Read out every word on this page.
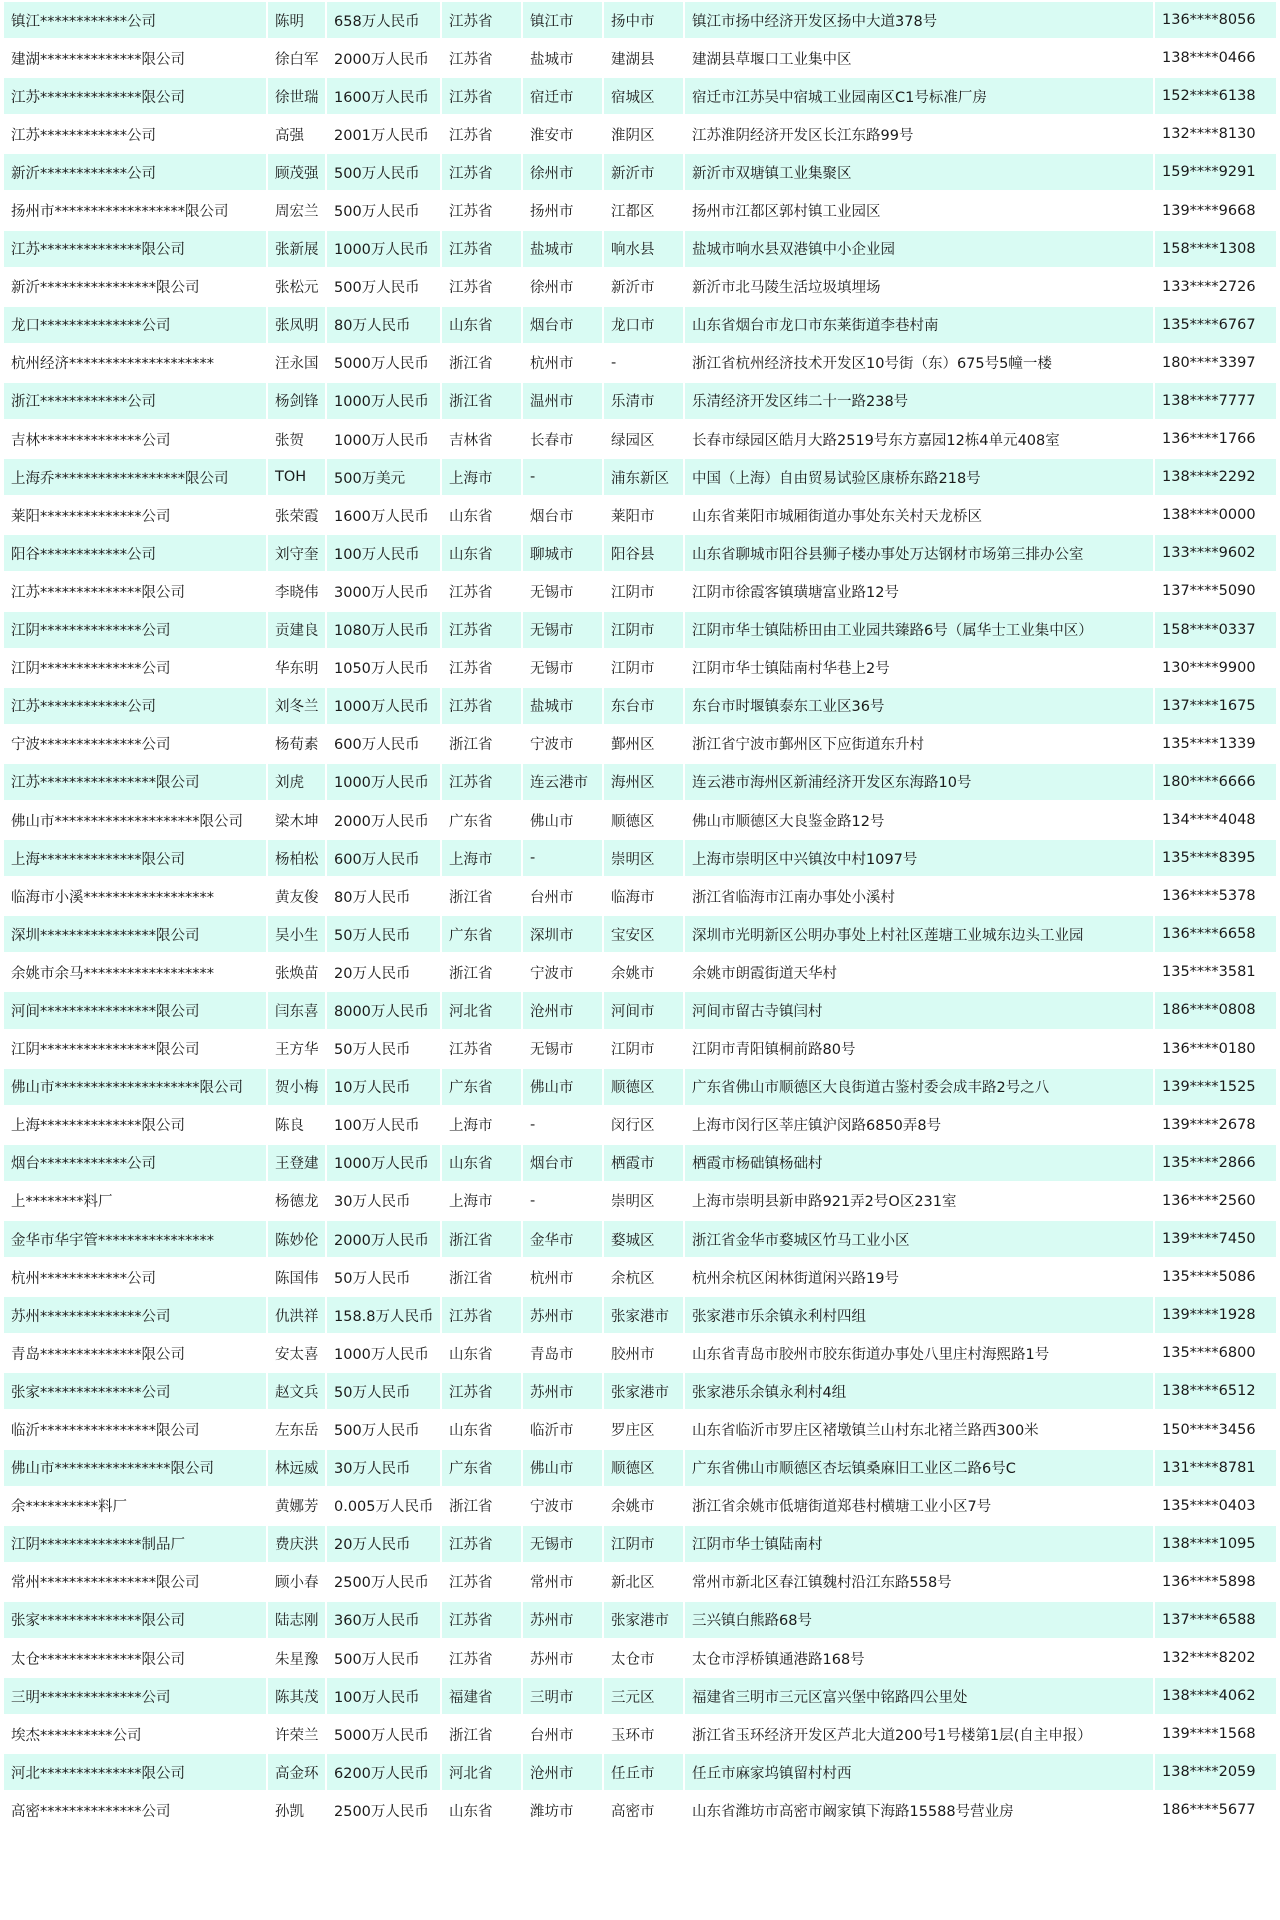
镇江************公司	陈明	658万人民币	江苏省	镇江市	扬中市	镇江市扬中经济开发区扬中大道378号	136****8056
建湖**************限公司	徐白军	2000万人民币	江苏省	盐城市	建湖县	建湖县草堰口工业集中区	138****0466
江苏**************限公司	徐世瑞	1600万人民币	江苏省	宿迁市	宿城区	宿迁市江苏吴中宿城工业园南区C1号标准厂房	152****6138
江苏************公司	高强	2001万人民币	江苏省	淮安市	淮阴区	江苏淮阴经济开发区长江东路99号	132****8130
新沂************公司	顾茂强	500万人民币	江苏省	徐州市	新沂市	新沂市双塘镇工业集聚区	159****9291
扬州市******************限公司	周宏兰	500万人民币	江苏省	扬州市	江都区	扬州市江都区郭村镇工业园区	139****9668
江苏**************限公司	张新展	1000万人民币	江苏省	盐城市	响水县	盐城市响水县双港镇中小企业园	158****1308
新沂****************限公司	张松元	500万人民币	江苏省	徐州市	新沂市	新沂市北马陵生活垃圾填埋场	133****2726
龙口**************公司	张凤明	80万人民币	山东省	烟台市	龙口市	山东省烟台市龙口市东莱街道李巷村南	135****6767
杭州经济********************	汪永国	5000万人民币	浙江省	杭州市	-	浙江省杭州经济技术开发区10号街（东）675号5幢一楼	180****3397
浙江************公司	杨剑锋	1000万人民币	浙江省	温州市	乐清市	乐清经济开发区纬二十一路238号	138****7777
吉林**************公司	张贺	1000万人民币	吉林省	长春市	绿园区	长春市绿园区皓月大路2519号东方嘉园12栋4单元408室	136****1766
上海乔******************限公司	TOH	500万美元	上海市	-	浦东新区	中国（上海）自由贸易试验区康桥东路218号	138****2292
莱阳**************公司	张荣霞	1600万人民币	山东省	烟台市	莱阳市	山东省莱阳市城厢街道办事处东关村天龙桥区	138****0000
阳谷************公司	刘守奎	100万人民币	山东省	聊城市	阳谷县	山东省聊城市阳谷县狮子楼办事处万达钢材市场第三排办公室	133****9602
江苏**************限公司	李晓伟	3000万人民币	江苏省	无锡市	江阴市	江阴市徐霞客镇璜塘富业路12号	137****5090
江阴**************公司	贡建良	1080万人民币	江苏省	无锡市	江阴市	江阴市华士镇陆桥田由工业园共臻路6号（属华士工业集中区）	158****0337
江阴**************公司	华东明	1050万人民币	江苏省	无锡市	江阴市	江阴市华士镇陆南村华巷上2号	130****9900
江苏************公司	刘冬兰	1000万人民币	江苏省	盐城市	东台市	东台市时堰镇泰东工业区36号	137****1675
宁波**************公司	杨荀素	600万人民币	浙江省	宁波市	鄞州区	浙江省宁波市鄞州区下应街道东升村	135****1339
江苏****************限公司	刘虎	1000万人民币	江苏省	连云港市	海州区	连云港市海州区新浦经济开发区东海路10号	180****6666
佛山市********************限公司	梁木坤	2000万人民币	广东省	佛山市	顺德区	佛山市顺德区大良鉴金路12号	134****4048
上海**************限公司	杨柏松	600万人民币	上海市	-	崇明区	上海市崇明区中兴镇汝中村1097号	135****8395
临海市小溪******************	黄友俊	80万人民币	浙江省	台州市	临海市	浙江省临海市江南办事处小溪村	136****5378
深圳****************限公司	吴小生	50万人民币	广东省	深圳市	宝安区	深圳市光明新区公明办事处上村社区莲塘工业城东边头工业园	136****6658
余姚市余马******************	张焕苗	20万人民币	浙江省	宁波市	余姚市	余姚市朗霞街道天华村	135****3581
河间****************限公司	闫东喜	8000万人民币	河北省	沧州市	河间市	河间市留古寺镇闫村	186****0808
江阴****************限公司	王方华	50万人民币	江苏省	无锡市	江阴市	江阴市青阳镇桐前路80号	136****0180
佛山市********************限公司	贺小梅	10万人民币	广东省	佛山市	顺德区	广东省佛山市顺德区大良街道古鉴村委会成丰路2号之八	139****1525
上海**************限公司	陈良	100万人民币	上海市	-	闵行区	上海市闵行区莘庄镇沪闵路6850弄8号	139****2678
烟台************公司	王登建	1000万人民币	山东省	烟台市	栖霞市	栖霞市杨础镇杨础村	135****2866
上********料厂	杨德龙	30万人民币	上海市	-	崇明区	上海市崇明县新申路921弄2号O区231室	136****2560
金华市华宇管****************	陈妙伦	2000万人民币	浙江省	金华市	婺城区	浙江省金华市婺城区竹马工业小区	139****7450
杭州************公司	陈国伟	50万人民币	浙江省	杭州市	余杭区	杭州余杭区闲林街道闲兴路19号	135****5086
苏州**************公司	仇洪祥	158.8万人民币	江苏省	苏州市	张家港市	张家港市乐余镇永利村四组	139****1928
青岛**************限公司	安太喜	1000万人民币	山东省	青岛市	胶州市	山东省青岛市胶州市胶东街道办事处八里庄村海熙路1号	135****6800
张家**************公司	赵文兵	50万人民币	江苏省	苏州市	张家港市	张家港乐余镇永利村4组	138****6512
临沂****************限公司	左东岳	500万人民币	山东省	临沂市	罗庄区	山东省临沂市罗庄区褚墩镇兰山村东北褚兰路西300米	150****3456
佛山市****************限公司	林远威	30万人民币	广东省	佛山市	顺德区	广东省佛山市顺德区杏坛镇桑麻旧工业区二路6号C	131****8781
余**********料厂	黄娜芳	0.005万人民币	浙江省	宁波市	余姚市	浙江省余姚市低塘街道郑巷村横塘工业小区7号	135****0403
江阴**************制品厂	费庆洪	20万人民币	江苏省	无锡市	江阴市	江阴市华士镇陆南村	138****1095
常州****************限公司	顾小春	2500万人民币	江苏省	常州市	新北区	常州市新北区春江镇魏村沿江东路558号	136****5898
张家**************限公司	陆志刚	360万人民币	江苏省	苏州市	张家港市	三兴镇白熊路68号	137****6588
太仓**************限公司	朱星豫	500万人民币	江苏省	苏州市	太仓市	太仓市浮桥镇通港路168号	132****8202
三明**************公司	陈其茂	100万人民币	福建省	三明市	三元区	福建省三明市三元区富兴堡中铭路四公里处	138****4062
埃杰**********公司	许荣兰	5000万人民币	浙江省	台州市	玉环市	浙江省玉环经济开发区芦北大道200号1号楼第1层(自主申报）	139****1568
河北**************限公司	高金环	6200万人民币	河北省	沧州市	任丘市	任丘市麻家坞镇留村村西	138****2059
高密**************公司	孙凯	2500万人民币	山东省	潍坊市	高密市	山东省潍坊市高密市阚家镇下海路15588号营业房	186****5677
